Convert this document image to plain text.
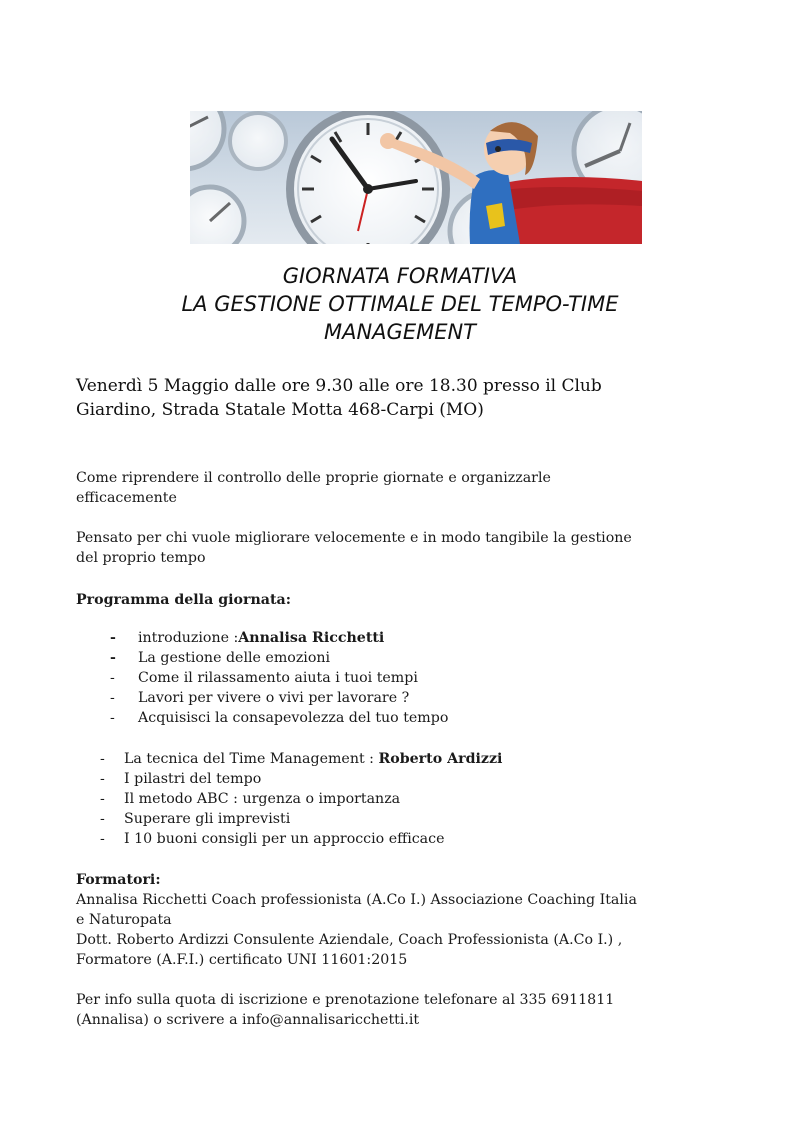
GIORNATA FORMATIVA
LA GESTIONE OTTIMALE DEL TEMPO-TIME
MANAGEMENT
Venerdì 5 Maggio dalle ore 9.30 alle ore 18.30 presso il Club
Giardino, Strada Statale Motta 468-Carpi (MO)
Come riprendere il controllo delle proprie giornate e organizzarle
efficacemente
Pensato per chi vuole migliorare velocemente e in modo tangibile la gestione
del proprio tempo
Programma della giornata:
- introduzione :Annalisa Ricchetti
- La gestione delle emozioni
- Come il rilassamento aiuta i tuoi tempi
- Lavori per vivere o vivi per lavorare ?
- Acquisisci la consapevolezza del tuo tempo
- La tecnica del Time Management : Roberto Ardizzi
- I pilastri del tempo
- Il metodo ABC : urgenza o importanza
- Superare gli imprevisti
- I 10 buoni consigli per un approccio efficace
Formatori:
Annalisa Ricchetti Coach professionista (A.Co I.) Associazione Coaching Italia
e Naturopata
Dott. Roberto Ardizzi Consulente Aziendale, Coach Professionista (A.Co I.) ,
Formatore (A.F.I.) certificato UNI 11601:2015
Per info sulla quota di iscrizione e prenotazione telefonare al 335 6911811
(Annalisa) o scrivere a info@annalisaricchetti.it
